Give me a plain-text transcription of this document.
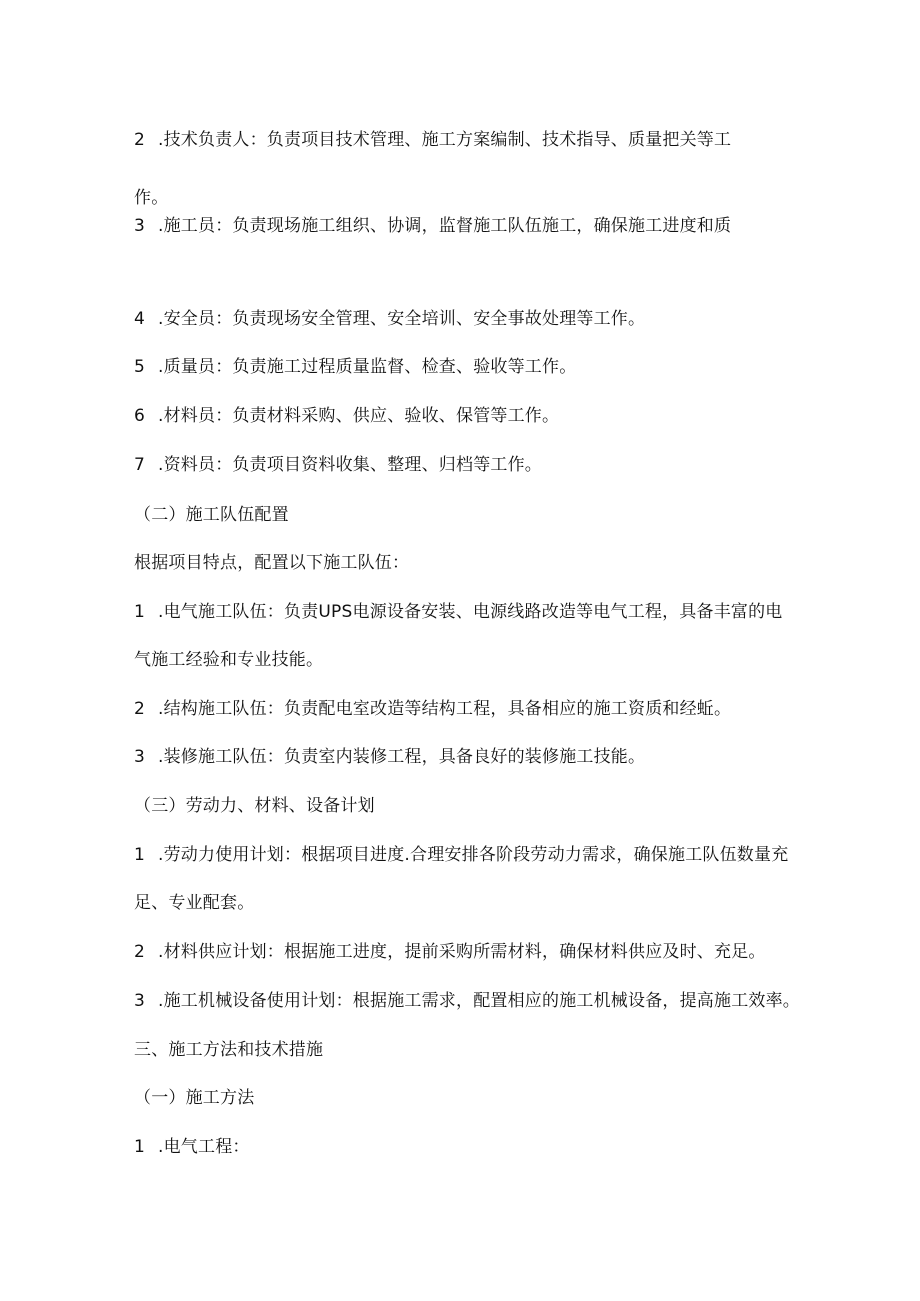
2 .技术负责人：负责项目技术管理、施工方案编制、技术指导、质量把关等工
作。
3 .施工员：负责现场施工组织、协调，监督施工队伍施工，确保施工进度和质
4 .安全员：负责现场安全管理、安全培训、安全事故处理等工作。
5 .质量员：负责施工过程质量监督、检查、验收等工作。
6 .材料员：负责材料采购、供应、验收、保管等工作。
7 .资料员：负责项目资料收集、整理、归档等工作。
（二）施工队伍配置
根据项目特点，配置以下施工队伍：
1 .电气施工队伍：负责UPS电源设备安装、电源线路改造等电气工程，具备丰富的电
气施工经验和专业技能。
2 .结构施工队伍：负责配电室改造等结构工程，具备相应的施工资质和经蚯。
3 .装修施工队伍：负责室内装修工程，具备良好的装修施工技能。
（三）劳动力、材料、设备计划
1 .劳动力使用计划：根据项目进度.合理安排各阶段劳动力需求，确保施工队伍数量充
足、专业配套。
2 .材料供应计划：根据施工进度，提前采购所需材料，确保材料供应及时、充足。
3 .施工机械设备使用计划：根据施工需求，配置相应的施工机械设备，提高施工效率。
三、施工方法和技术措施
（一）施工方法
1 .电气工程：
